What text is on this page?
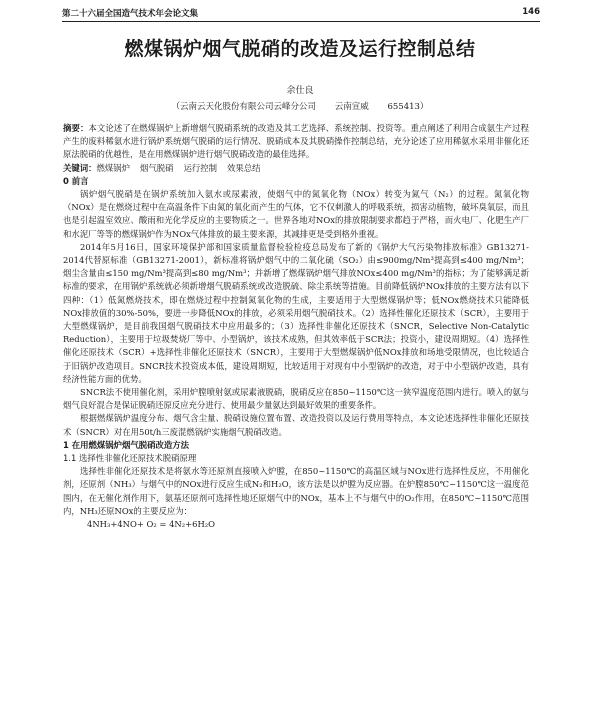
第二十六届全国造气技术年会论文集	146
燃煤锅炉烟气脱硝的改造及运行控制总结
余仕良
（云南云天化股份有限公司云峰分公司 云南宣威 655413）

摘要：本文论述了在燃煤锅炉上新增烟气脱硝系统的改造及其工艺选择、系统控制、投资等。重点阐述了利用合成氨生产过程产生的废料稀氨水进行锅炉系统烟气脱硝的运行情况、脱硝成本及其脱硝操作控制总结，充分论述了应用稀氨水采用非催化还原法脱硝的优越性，是在用燃煤锅炉进行烟气脱硝改造的最佳选择。

关键词：燃煤锅炉 烟气脱硝 运行控制 效果总结

0 前言

锅炉烟气脱硝是在锅炉系统加入氨水或尿素液，使烟气中的氮氧化物（NOx）转变为氮气（N₂）的过程。氮氧化物（NOx）是在燃烧过程中在高温条件下由氮的氧化而产生的气体，它不仅刺激人的呼吸系统，损害动植物，破坏臭氧层，而且也是引起温室效应、酸雨和光化学反应的主要物质之一。世界各地对NOx的排放限制要求都趋于严格，而火电厂、化肥生产厂和水泥厂等等的燃煤锅炉作为NOx气体排放的最主要来源，其减排更是受到格外重视。

2014年5月16日，国家环境保护部和国家质量监督检验检疫总局发布了新的《锅炉大气污染物排放标准》GB13271-2014代替原标准（GB13271-2001），新标准将锅炉烟气中的二氧化硫（SO₂）由≤900mg/Nm³提高到≤400 mg/Nm³；烟尘含量由≤150 mg/Nm³提高到≤80 mg/Nm³；并新增了燃煤锅炉烟气排放NOx≤400 mg/Nm³的指标；为了能够满足新标准的要求，在用锅炉系统就必须新增烟气脱硝系统或改造脱硫、除尘系统等措施。目前降低锅炉NOx排放的主要方法有以下四种：（1）低氮燃烧技术，即在燃烧过程中控制氮氧化物的生成，主要适用于大型燃煤锅炉等；低NOx燃烧技术只能降低NOx排放值的30%-50%，要进一步降低NOx的排放，必须采用烟气脱硝技术。（2）选择性催化还原技术（SCR），主要用于大型燃煤锅炉，是目前我国烟气脱硝技术中应用最多的；（3）选择性非催化还原技术（SNCR，Selective Non-Catalytic Reduction），主要用于垃圾焚烧厂等中、小型锅炉，该技术成熟，但其效率低于SCR法；投资小，建设周期短。（4）选择性催化还原技术（SCR）+选择性非催化还原技术（SNCR），主要用于大型燃煤锅炉低NOx排放和场地受限情况，也比较适合于旧锅炉改造项目。SNCR技术投资成本低，建设周期短，比较适用于对现有中小型锅炉的改造，对于中小型锅炉改造，具有经济性能方面的优势。

SNCR法不使用催化剂，采用炉膛喷射氨或尿素液脱硝，脱硝反应在850~1150℃这一狭窄温度范围内进行。喷入的氨与烟气良好混合是保证脱硝还原反应充分进行、使用最少量氨达到最好效果的重要条件。

根据燃煤锅炉温度分布、烟气含尘量、脱硝设施位置布置、改造投资以及运行费用等特点，本文论述选择性非催化还原技术（SNCR）对在用50t/h三废混燃锅炉实施烟气脱硝改造。

1 在用燃煤锅炉烟气脱硝改造方法

1.1 选择性非催化还原技术脱硝原理

选择性非催化还原技术是将氨水等还原剂直接喷入炉膛，在850~1150℃的高温区域与NOx进行选择性反应，不用催化剂，还原剂（NH₃）与烟气中的NOx进行反应生成N₂和H₂O，该方法是以炉膛为反应器。在炉膛850℃~1150℃这一温度范围内，在无催化剂作用下，氨基还原剂可选择性地还原烟气中的NOx，基本上不与烟气中的O₂作用，在850℃~1150℃范围内，NH₃还原NOx的主要反应为：

4NH₃+4NO+ O₂ = 4N₂+6H₂O
